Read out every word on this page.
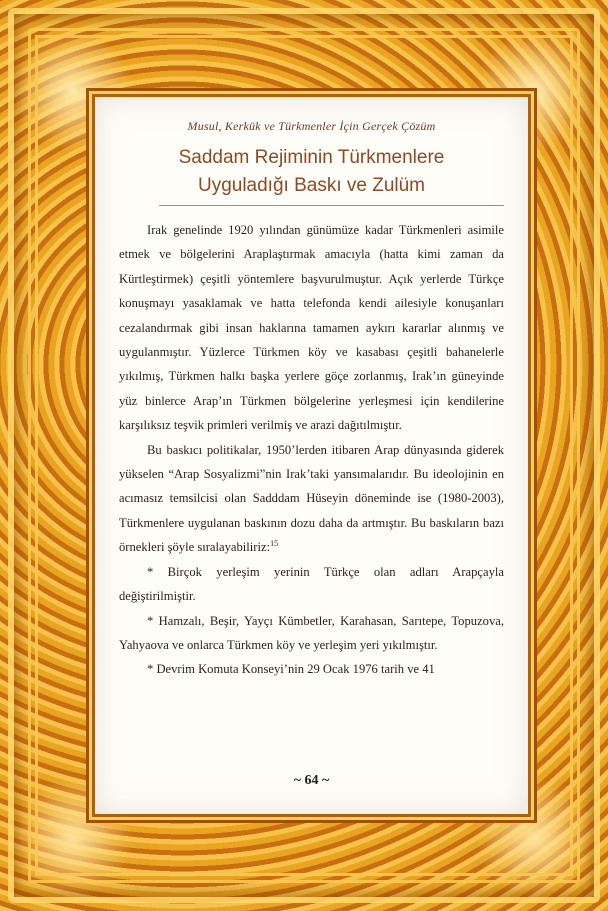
Musul, Kerkük ve Türkmenler İçin Gerçek Çözüm
Saddam Rejiminin Türkmenlere
Uyguladığı Baskı ve Zulüm

Irak genelinde 1920 yılından günümüze kadar Türkmenleri asimile etmek ve bölgelerini Araplaştırmak amacıyla (hatta kimi zaman da Kürtleştirmek) çeşitli yöntemlere başvurulmuştur. Açık yerlerde Türkçe konuşmayı yasaklamak ve hatta telefonda kendi ailesiyle konuşanları cezalandırmak gibi insan haklarına tamamen aykırı kararlar alınmış ve uygulanmıştır. Yüzlerce Türkmen köy ve kasabası çeşitli bahanelerle yıkılmış, Türkmen halkı başka yerlere göçe zorlanmış, Irak’ın güneyinde yüz binlerce Arap’ın Türkmen bölgelerine yerleşmesi için kendilerine karşılıksız teşvik primleri verilmiş ve arazi dağıtılmıştır.

Bu baskıcı politikalar, 1950’lerden itibaren Arap dünyasında giderek yükselen “Arap Sosyalizmi”nin Irak’taki yansımalarıdır. Bu ideolojinin en acımasız temsilcisi olan Sadddam Hüseyin döneminde ise (1980-2003), Türkmenlere uygulanan baskının dozu daha da artmıştır. Bu baskıların bazı örnekleri şöyle sıralayabiliriz:$^{15}$

* Birçok yerleşim yerinin Türkçe olan adları Arapçayla değiştirilmiştir.

* Hamzalı, Beşir, Yayçı Kümbetler, Karahasan, Sarıtepe, Topuzova, Yahyaova ve onlarca Türkmen köy ve yerleşim yeri yıkılmıştır.

* Devrim Komuta Konseyi’nin 29 Ocak 1976 tarih ve 41

~ 64 ~
